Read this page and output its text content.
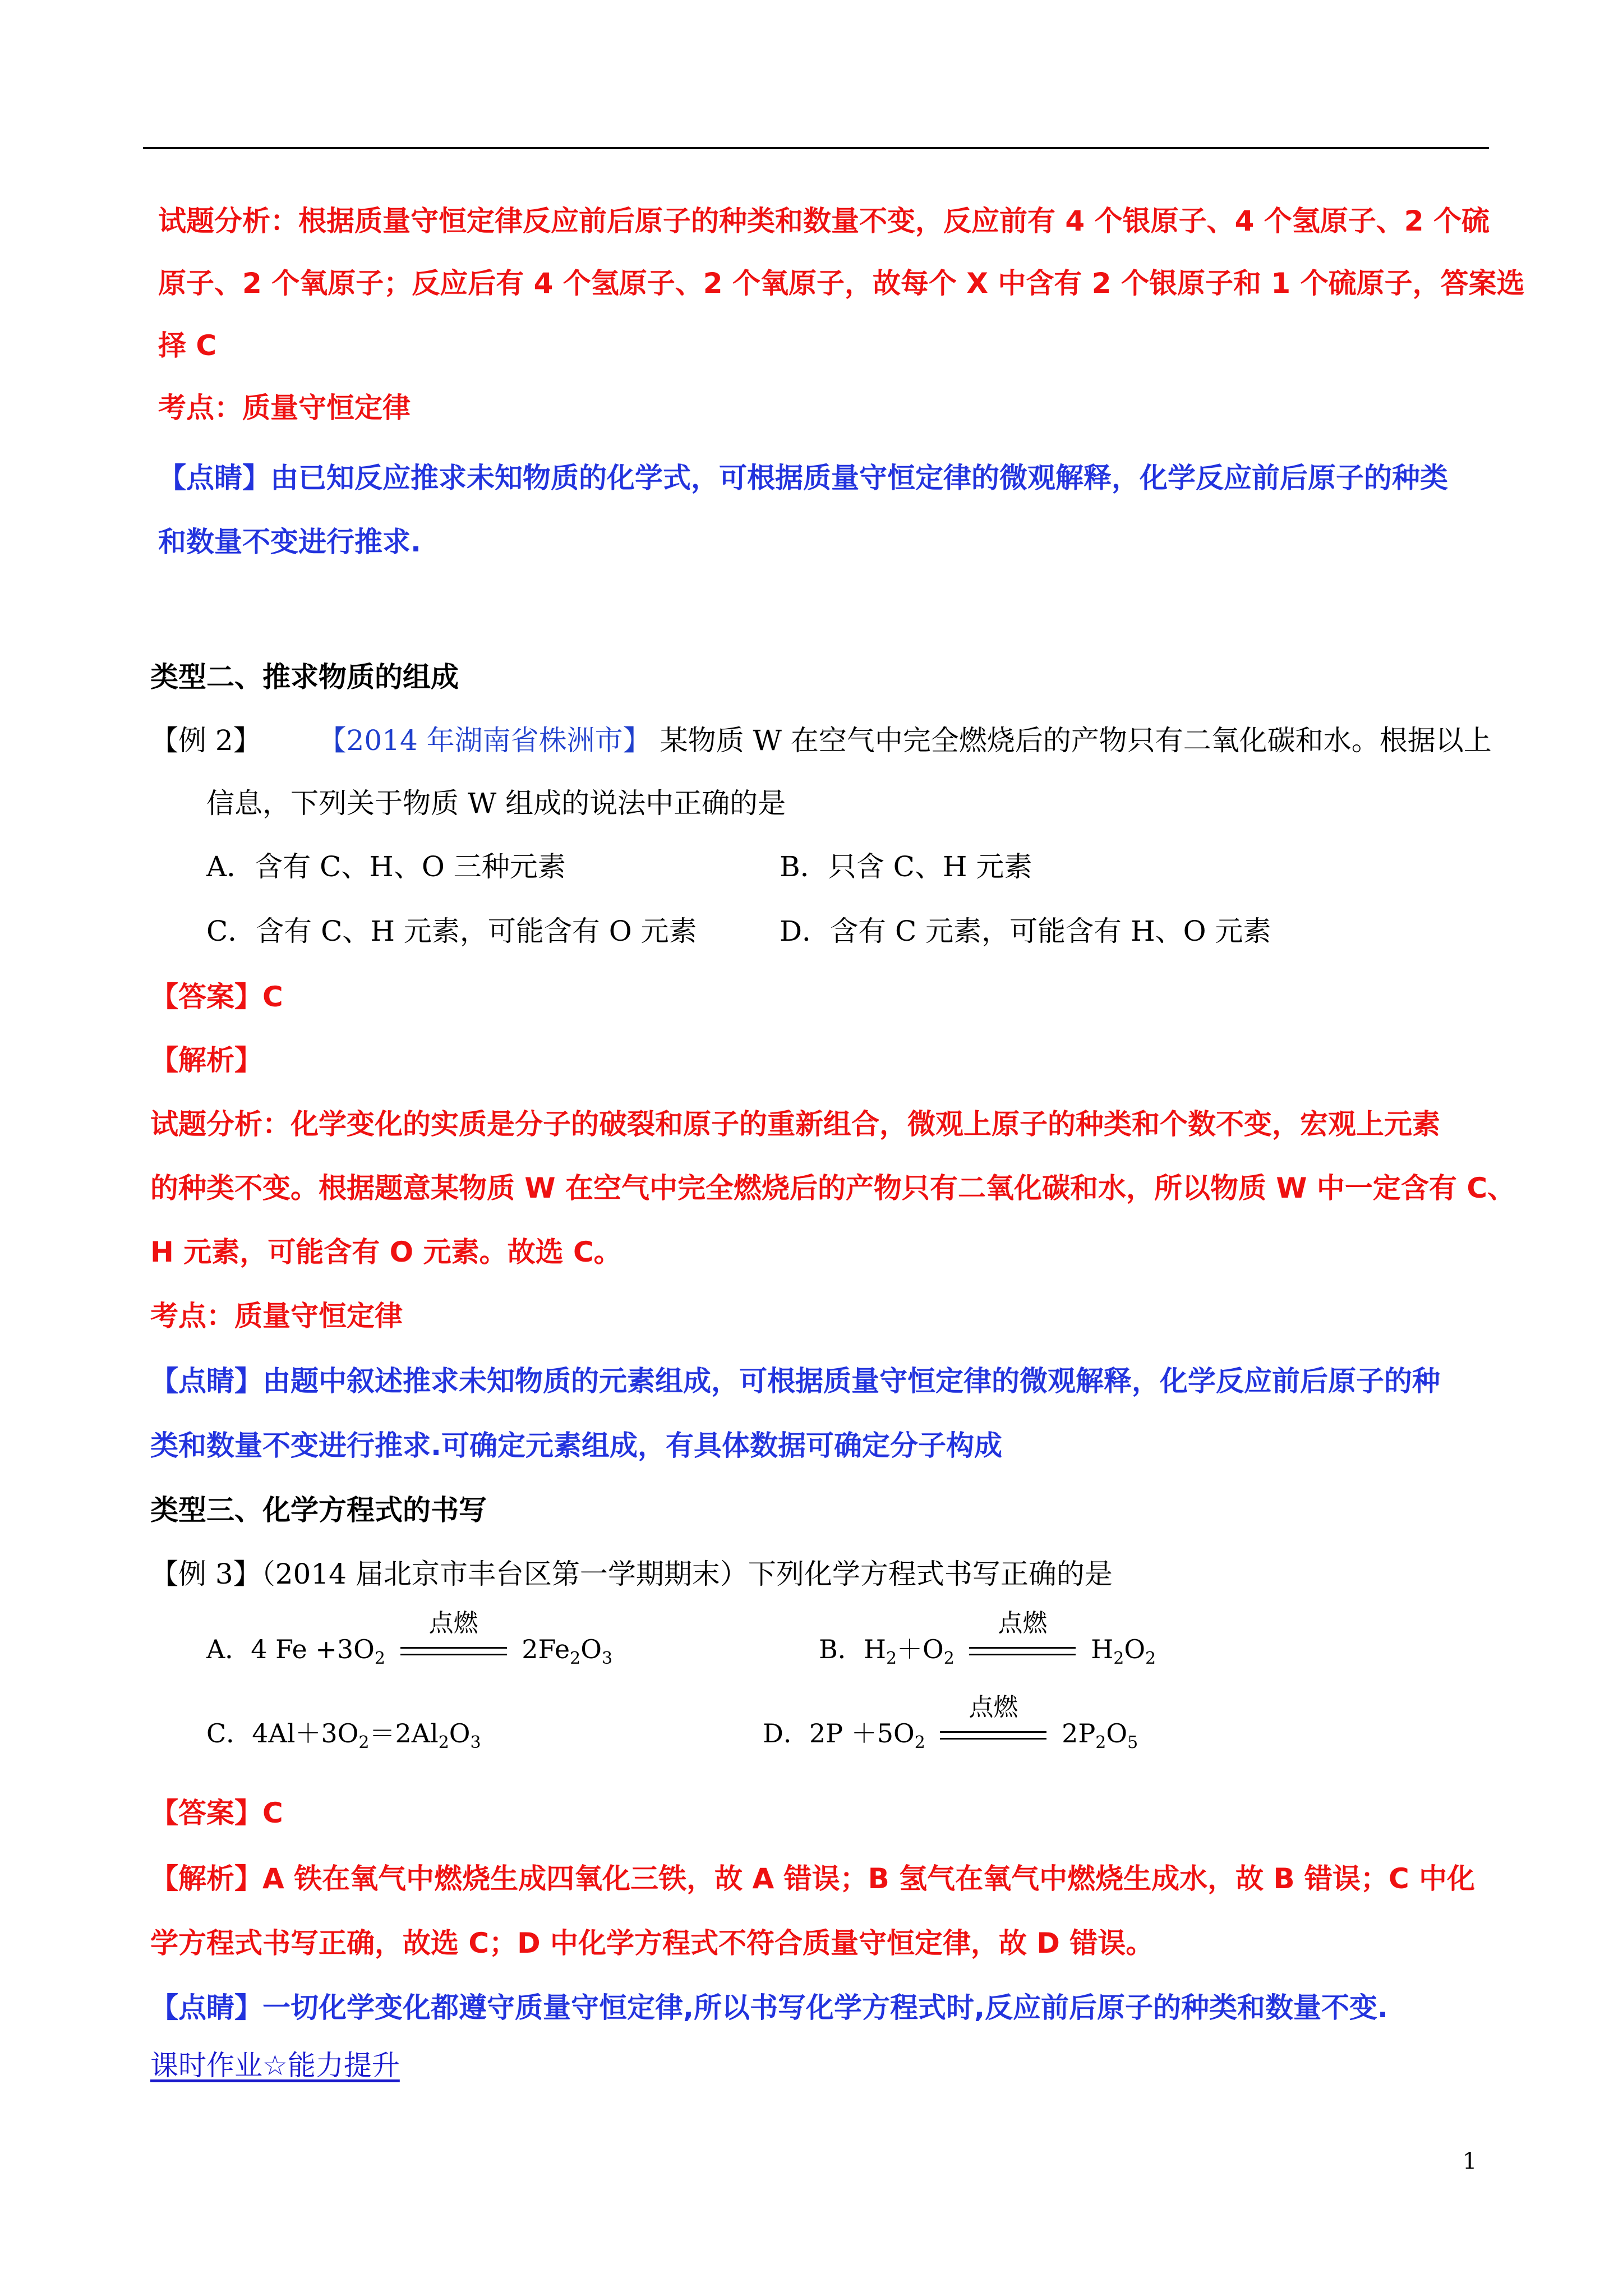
试题分析：根据质量守恒定律反应前后原子的种类和数量不变，反应前有 4 个银原子、4 个氢原子、2 个硫
原子、2 个氧原子；反应后有 4 个氢原子、2 个氧原子，故每个 X 中含有 2 个银原子和 1 个硫原子，答案选
择 C
考点：质量守恒定律
【点睛】由已知反应推求未知物质的化学式，可根据质量守恒定律的微观解释，化学反应前后原子的种类
和数量不变进行推求.
类型二、推求物质的组成
【例 2】 【2014 年湖南省株洲市】 某物质 W 在空气中完全燃烧后的产物只有二氧化碳和水。根据以上
信息，下列关于物质 W 组成的说法中正确的是
A．含有 C、H、O 三种元素	B．只含 C、H 元素
C．含有 C、H 元素，可能含有 O 元素	D．含有 C 元素，可能含有 H、O 元素
【答案】C
【解析】
试题分析：化学变化的实质是分子的破裂和原子的重新组合，微观上原子的种类和个数不变，宏观上元素
的种类不变。根据题意某物质 W 在空气中完全燃烧后的产物只有二氧化碳和水，所以物质 W 中一定含有 C、
H 元素，可能含有 O 元素。故选 C。
考点：质量守恒定律
【点睛】由题中叙述推求未知物质的元素组成，可根据质量守恒定律的微观解释，化学反应前后原子的种
类和数量不变进行推求.可确定元素组成，有具体数据可确定分子构成
类型三、化学方程式的书写
【例 3】（2014 届北京市丰台区第一学期期末）下列化学方程式书写正确的是
A．4 $Fe +3O_2$
点燃
$2Fe_2O_3$	B．$H_2+O_2$
点燃
$H_2O_2$
C．$4Al+3O_2=2Al_2O_3$	D．$2P +5O_2$
点燃
$2P_2O_5$
【答案】C
【解析】A 铁在氧气中燃烧生成四氧化三铁，故 A 错误；B 氢气在氧气中燃烧生成水，故 B 错误；C 中化
学方程式书写正确，故选 C；D 中化学方程式不符合质量守恒定律，故 D 错误。
【点睛】一切化学变化都遵守质量守恒定律,所以书写化学方程式时,反应前后原子的种类和数量不变.
课时作业☆能力提升
1
